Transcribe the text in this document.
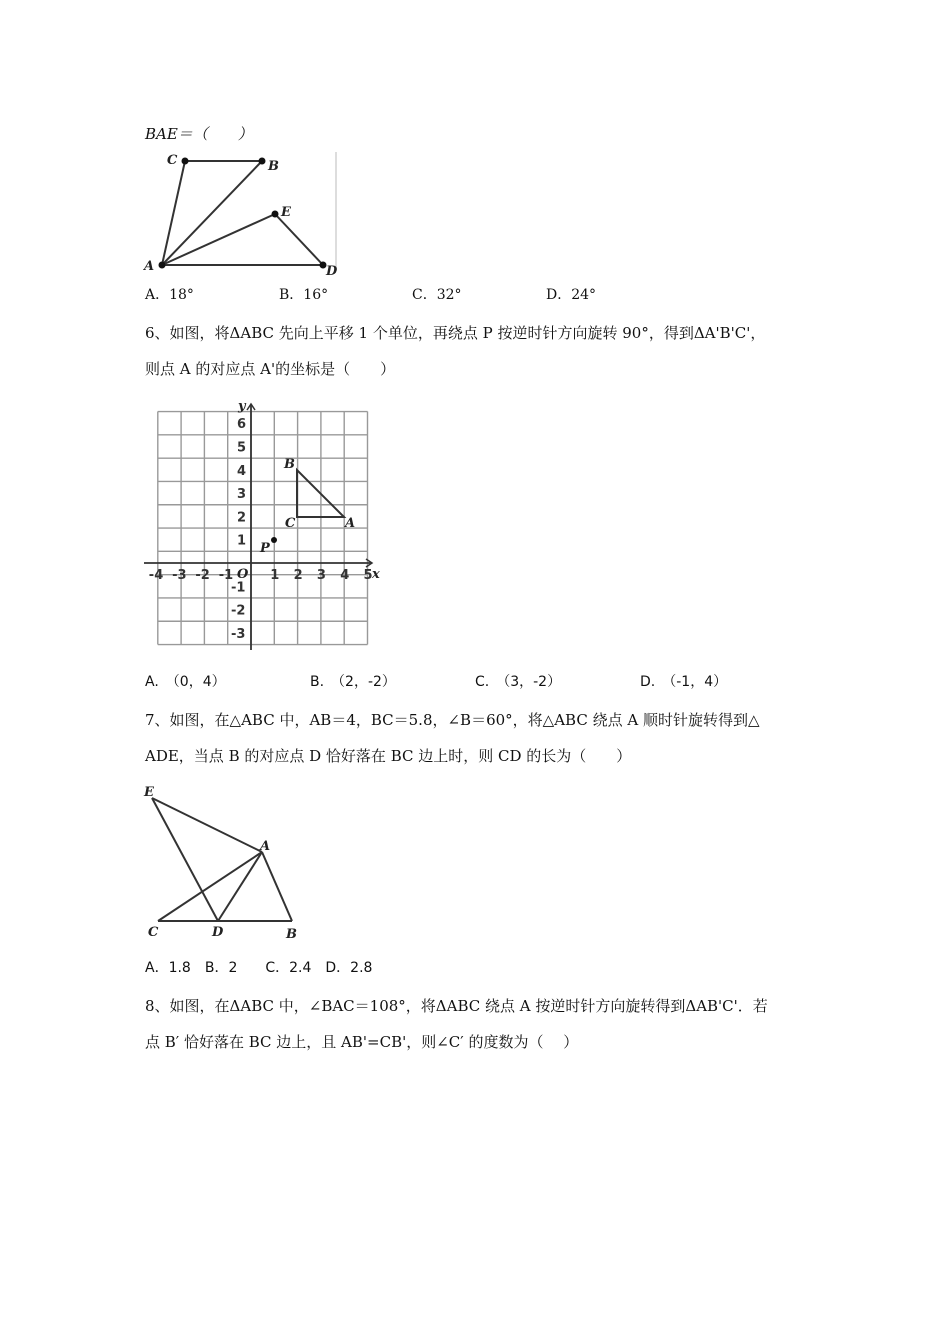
BAE＝（　　）
A
C	B
E
D
A．18°	B．16°	C．32°	D．24°
6、如图，将ΔABC 先向上平移 1 个单位，再绕点 P 按逆时针方向旋转 90°，得到ΔA'B'C'，
则点 A 的对应点 A'的坐标是（　　）
-4 -3 -2 -1	1 2 3 4 5
6
5
4
3
2
1
-1
-2
-3
x
y
O
B
C	A
P
A.　（0，4）	B.　（2，-2）	C.　（3，-2）	D.　（-1，4）
7、如图，在△ABC 中，AB＝4，BC＝5.8，∠B＝60°，将△ABC 绕点 A 顺时针旋转得到△
ADE，当点 B 的对应点 D 恰好落在 BC 边上时，则 CD 的长为（　　）
E
A
C	D	B
A．1.8　B．2　　C．2.4　D．2.8
8、如图，在ΔABC 中，∠BAC＝108°，将ΔABC 绕点 A 按逆时针方向旋转得到ΔAB'C'．若
点 B′ 恰好落在 BC 边上，且 AB'=CB'，则∠C′ 的度数为（　 ）
